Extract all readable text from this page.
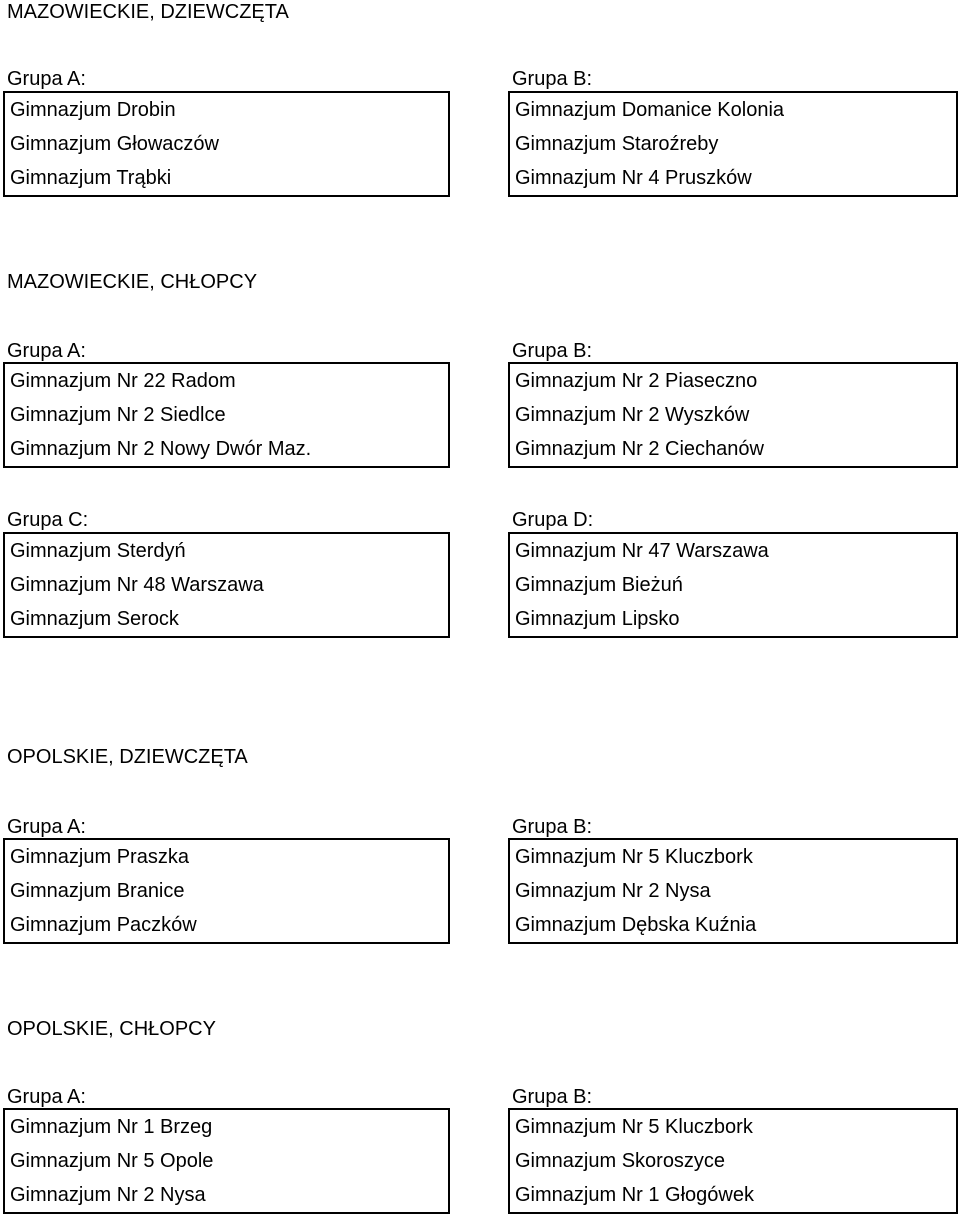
MAZOWIECKIE, DZIEWCZĘTA
Grupa A:
Gimnazjum Drobin
Gimnazjum Głowaczów
Gimnazjum Trąbki
Grupa B:
Gimnazjum Domanice Kolonia
Gimnazjum Staroźreby
Gimnazjum Nr 4 Pruszków
MAZOWIECKIE, CHŁOPCY
Grupa A:
Gimnazjum Nr 22 Radom
Gimnazjum Nr 2 Siedlce
Gimnazjum Nr 2 Nowy Dwór Maz.
Grupa B:
Gimnazjum Nr 2 Piaseczno
Gimnazjum Nr 2 Wyszków
Gimnazjum Nr 2 Ciechanów
Grupa C:
Gimnazjum Sterdyń
Gimnazjum Nr 48 Warszawa
Gimnazjum Serock
Grupa D:
Gimnazjum Nr 47 Warszawa
Gimnazjum Bieżuń
Gimnazjum Lipsko
OPOLSKIE, DZIEWCZĘTA
Grupa A:
Gimnazjum Praszka
Gimnazjum Branice
Gimnazjum Paczków
Grupa B:
Gimnazjum Nr 5 Kluczbork
Gimnazjum Nr 2 Nysa
Gimnazjum Dębska Kuźnia
OPOLSKIE, CHŁOPCY
Grupa A:
Gimnazjum Nr 1 Brzeg
Gimnazjum Nr 5 Opole
Gimnazjum Nr 2 Nysa
Grupa B:
Gimnazjum Nr 5 Kluczbork
Gimnazjum Skoroszyce
Gimnazjum Nr 1 Głogówek
